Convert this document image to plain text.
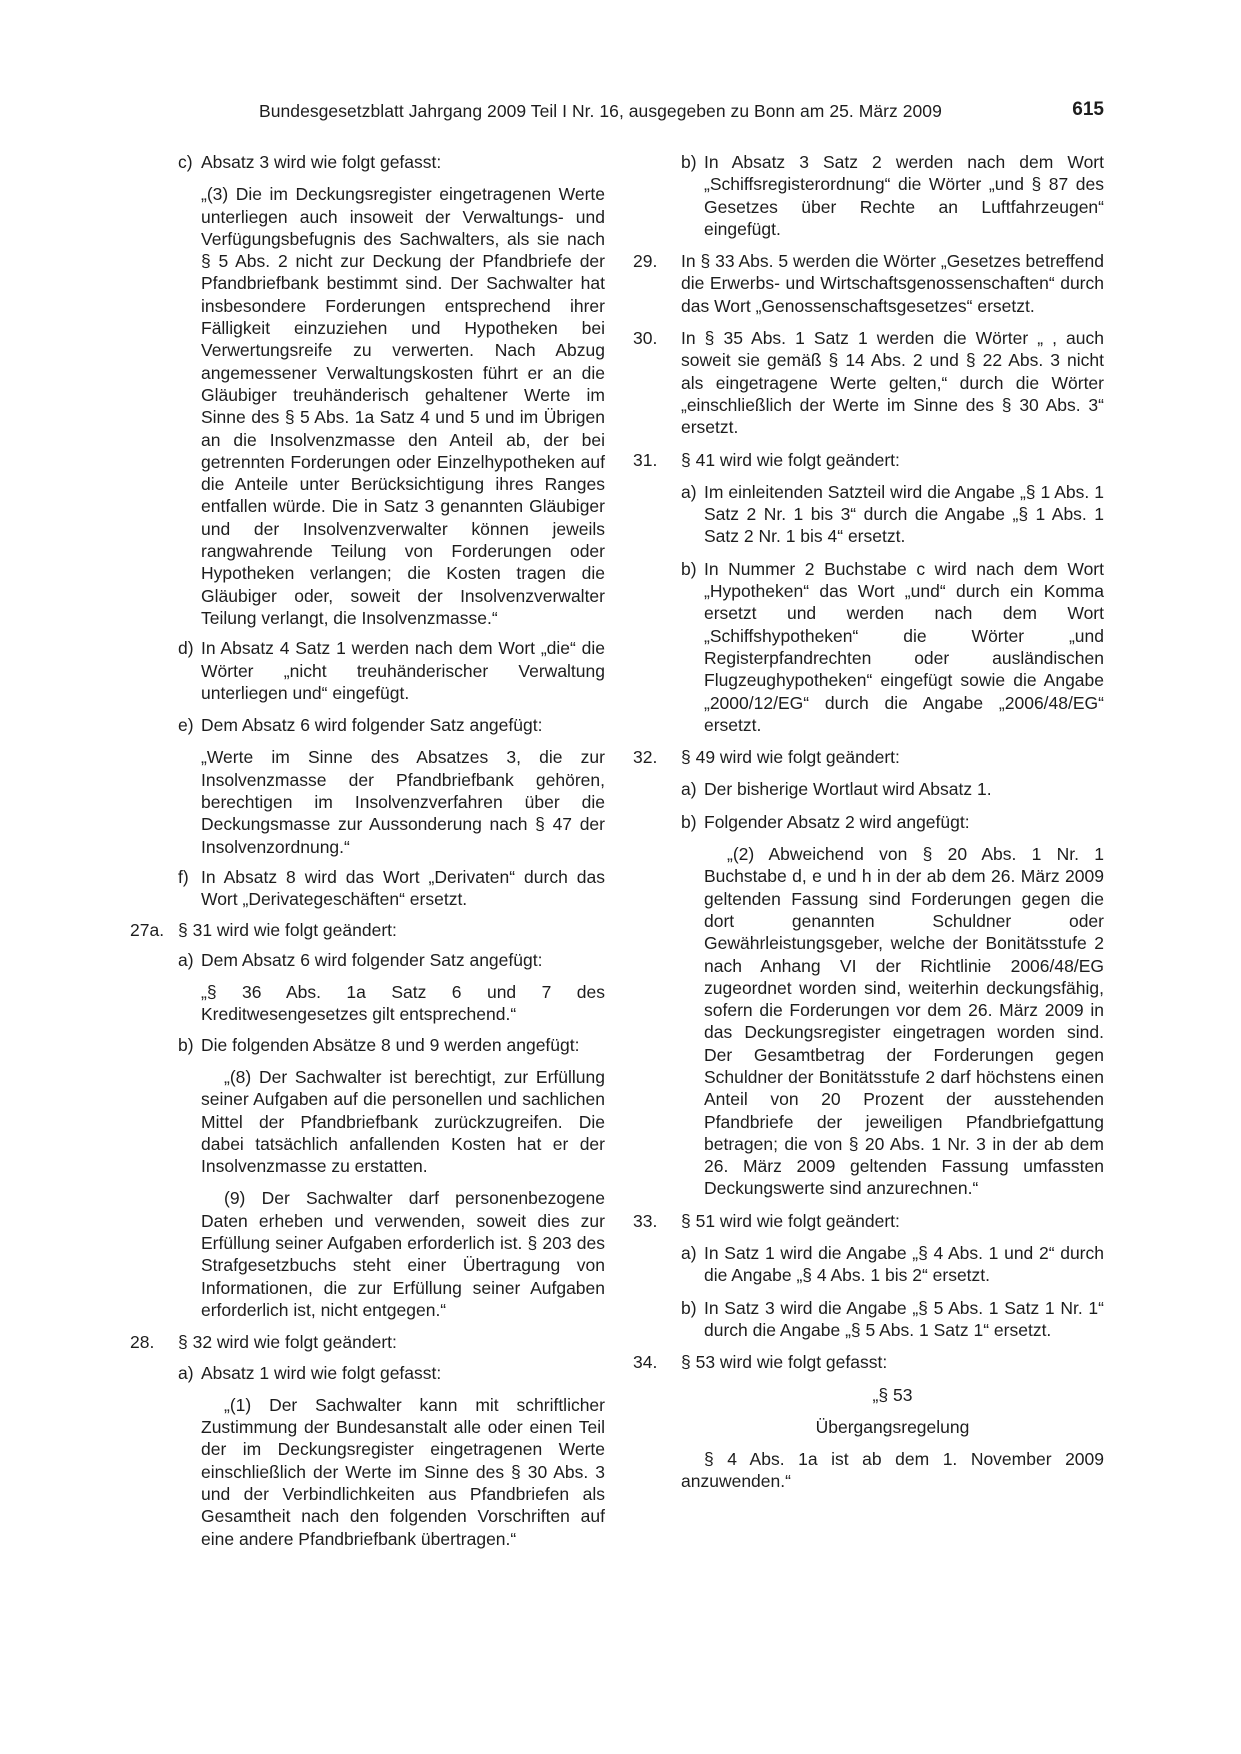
Bundesgesetzblatt Jahrgang 2009 Teil I Nr. 16, ausgegeben zu Bonn am 25. März 2009	615
c) Absatz 3 wird wie folgt gefasst:

„(3) Die im Deckungsregister eingetragenen Werte unterliegen auch insoweit der Verwaltungs- und Verfügungsbefugnis des Sachwalters, als sie nach § 5 Abs. 2 nicht zur Deckung der Pfandbriefe der Pfandbriefbank bestimmt sind. Der Sachwalter hat insbesondere Forderungen entsprechend ihrer Fälligkeit einzuziehen und Hypotheken bei Verwertungsreife zu verwerten. Nach Abzug angemessener Verwaltungskosten führt er an die Gläubiger treuhänderisch gehaltener Werte im Sinne des § 5 Abs. 1a Satz 4 und 5 und im Übrigen an die Insolvenzmasse den Anteil ab, der bei getrennten Forderungen oder Einzelhypotheken auf die Anteile unter Berücksichtigung ihres Ranges entfallen würde. Die in Satz 3 genannten Gläubiger und der Insolvenzverwalter können jeweils rangwahrende Teilung von Forderungen oder Hypotheken verlangen; die Kosten tragen die Gläubiger oder, soweit der Insolvenzverwalter Teilung verlangt, die Insolvenzmasse.“

d) In Absatz 4 Satz 1 werden nach dem Wort „die“ die Wörter „nicht treuhänderischer Verwaltung unterliegen und“ eingefügt.

e) Dem Absatz 6 wird folgender Satz angefügt:

„Werte im Sinne des Absatzes 3, die zur Insolvenzmasse der Pfandbriefbank gehören, berechtigen im Insolvenzverfahren über die Deckungsmasse zur Aussonderung nach § 47 der Insolvenzordnung.“

f) In Absatz 8 wird das Wort „Derivaten“ durch das Wort „Derivategeschäften“ ersetzt.

27a. § 31 wird wie folgt geändert:

a) Dem Absatz 6 wird folgender Satz angefügt:

„§ 36 Abs. 1a Satz 6 und 7 des Kreditwesengesetzes gilt entsprechend.“

b) Die folgenden Absätze 8 und 9 werden angefügt:

„(8) Der Sachwalter ist berechtigt, zur Erfüllung seiner Aufgaben auf die personellen und sachlichen Mittel der Pfandbriefbank zurückzugreifen. Die dabei tatsächlich anfallenden Kosten hat er der Insolvenzmasse zu erstatten.

(9) Der Sachwalter darf personenbezogene Daten erheben und verwenden, soweit dies zur Erfüllung seiner Aufgaben erforderlich ist. § 203 des Strafgesetzbuchs steht einer Übertragung von Informationen, die zur Erfüllung seiner Aufgaben erforderlich ist, nicht entgegen.“

28.	§ 32 wird wie folgt geändert:

a) Absatz 1 wird wie folgt gefasst:

„(1) Der Sachwalter kann mit schriftlicher Zustimmung der Bundesanstalt alle oder einen Teil der im Deckungsregister eingetragenen Werte einschließlich der Werte im Sinne des § 30 Abs. 3 und der Verbindlichkeiten aus Pfandbriefen als Gesamtheit nach den folgenden Vorschriften auf eine andere Pfandbriefbank übertragen.“

b) In Absatz 3 Satz 2 werden nach dem Wort „Schiffsregisterordnung“ die Wörter „und § 87 des Gesetzes über Rechte an Luftfahrzeugen“ eingefügt.

29.	In § 33 Abs. 5 werden die Wörter „Gesetzes betreffend die Erwerbs- und Wirtschaftsgenossenschaften“ durch das Wort „Genossenschaftsgesetzes“ ersetzt.

30.	In § 35 Abs. 1 Satz 1 werden die Wörter „ , auch soweit sie gemäß § 14 Abs. 2 und § 22 Abs. 3 nicht als eingetragene Werte gelten,“ durch die Wörter „einschließlich der Werte im Sinne des § 30 Abs. 3“ ersetzt.

31.	§ 41 wird wie folgt geändert:

a) Im einleitenden Satzteil wird die Angabe „§ 1 Abs. 1 Satz 2 Nr. 1 bis 3“ durch die Angabe „§ 1 Abs. 1 Satz 2 Nr. 1 bis 4“ ersetzt.

b) In Nummer 2 Buchstabe c wird nach dem Wort „Hypotheken“ das Wort „und“ durch ein Komma ersetzt und werden nach dem Wort „Schiffshypotheken“ die Wörter „und Registerpfandrechten oder ausländischen Flugzeughypotheken“ eingefügt sowie die Angabe „2000/12/EG“ durch die Angabe „2006/48/EG“ ersetzt.

32.	§ 49 wird wie folgt geändert:

a) Der bisherige Wortlaut wird Absatz 1.

b) Folgender Absatz 2 wird angefügt:

„(2) Abweichend von § 20 Abs. 1 Nr. 1 Buchstabe d, e und h in der ab dem 26. März 2009 geltenden Fassung sind Forderungen gegen die dort genannten Schuldner oder Gewährleistungsgeber, welche der Bonitätsstufe 2 nach Anhang VI der Richtlinie 2006/48/EG zugeordnet worden sind, weiterhin deckungsfähig, sofern die Forderungen vor dem 26. März 2009 in das Deckungsregister eingetragen worden sind. Der Gesamtbetrag der Forderungen gegen Schuldner der Bonitätsstufe 2 darf höchstens einen Anteil von 20 Prozent der ausstehenden Pfandbriefe der jeweiligen Pfandbriefgattung betragen; die von § 20 Abs. 1 Nr. 3 in der ab dem 26. März 2009 geltenden Fassung umfassten Deckungswerte sind anzurechnen.“

33.	§ 51 wird wie folgt geändert:

a) In Satz 1 wird die Angabe „§ 4 Abs. 1 und 2“ durch die Angabe „§ 4 Abs. 1 bis 2“ ersetzt.

b) In Satz 3 wird die Angabe „§ 5 Abs. 1 Satz 1 Nr. 1“ durch die Angabe „§ 5 Abs. 1 Satz 1“ ersetzt.

34.	§ 53 wird wie folgt gefasst:

„§ 53

Übergangsregelung

§ 4 Abs. 1a ist ab dem 1. November 2009 anzuwenden.“
